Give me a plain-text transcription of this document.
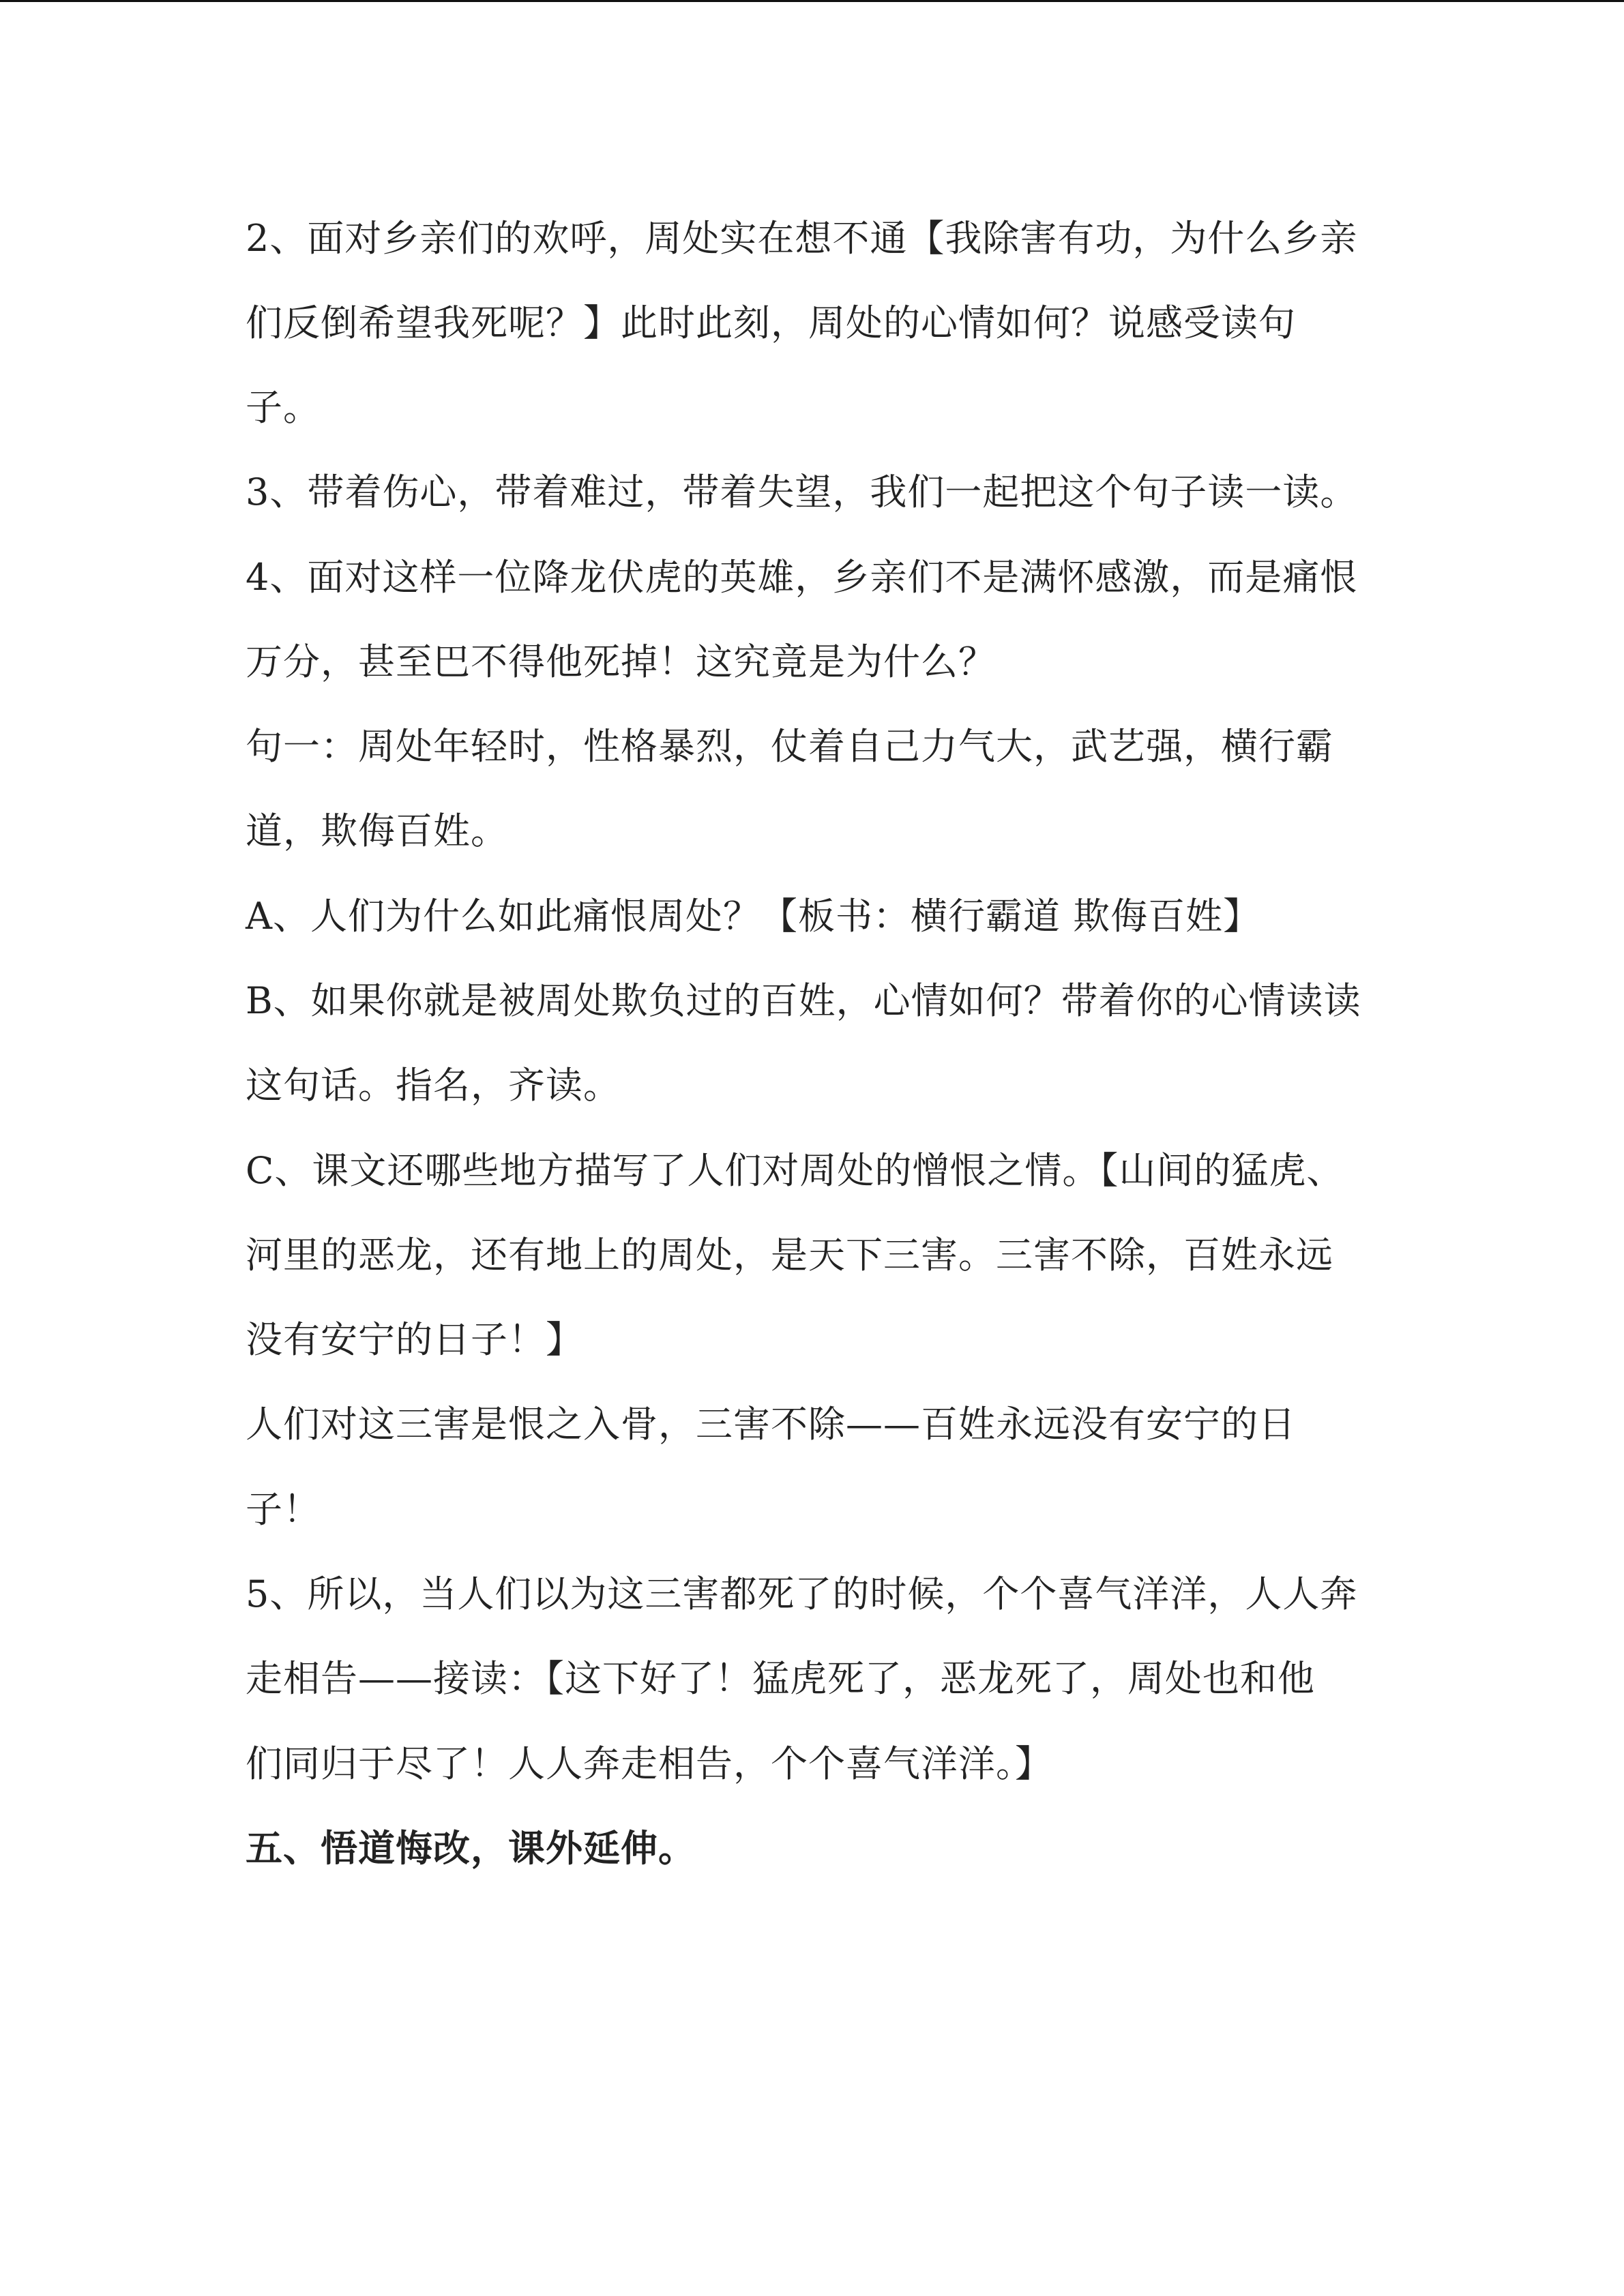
2、面对乡亲们的欢呼，周处实在想不通【我除害有功，为什么乡亲
们反倒希望我死呢？】此时此刻，周处的心情如何？说感受读句
子。
3、带着伤心，带着难过，带着失望，我们一起把这个句子读一读。
4、面对这样一位降龙伏虎的英雄，乡亲们不是满怀感激，而是痛恨
万分，甚至巴不得他死掉！这究竟是为什么？
句一：周处年轻时，性格暴烈，仗着自己力气大，武艺强，横行霸
道，欺侮百姓。
A、人们为什么如此痛恨周处？【板书：横行霸道 欺侮百姓】
B、如果你就是被周处欺负过的百姓，心情如何？带着你的心情读读
这句话。指名，齐读。
C、课文还哪些地方描写了人们对周处的憎恨之情。【山间的猛虎、
河里的恶龙，还有地上的周处，是天下三害。三害不除，百姓永远
没有安宁的日子！】
人们对这三害是恨之入骨，三害不除——百姓永远没有安宁的日
子！
5、所以，当人们以为这三害都死了的时候，个个喜气洋洋，人人奔
走相告——接读：【这下好了！猛虎死了，恶龙死了，周处也和他
们同归于尽了！人人奔走相告，个个喜气洋洋。】
五、悟道悔改，课外延伸。
